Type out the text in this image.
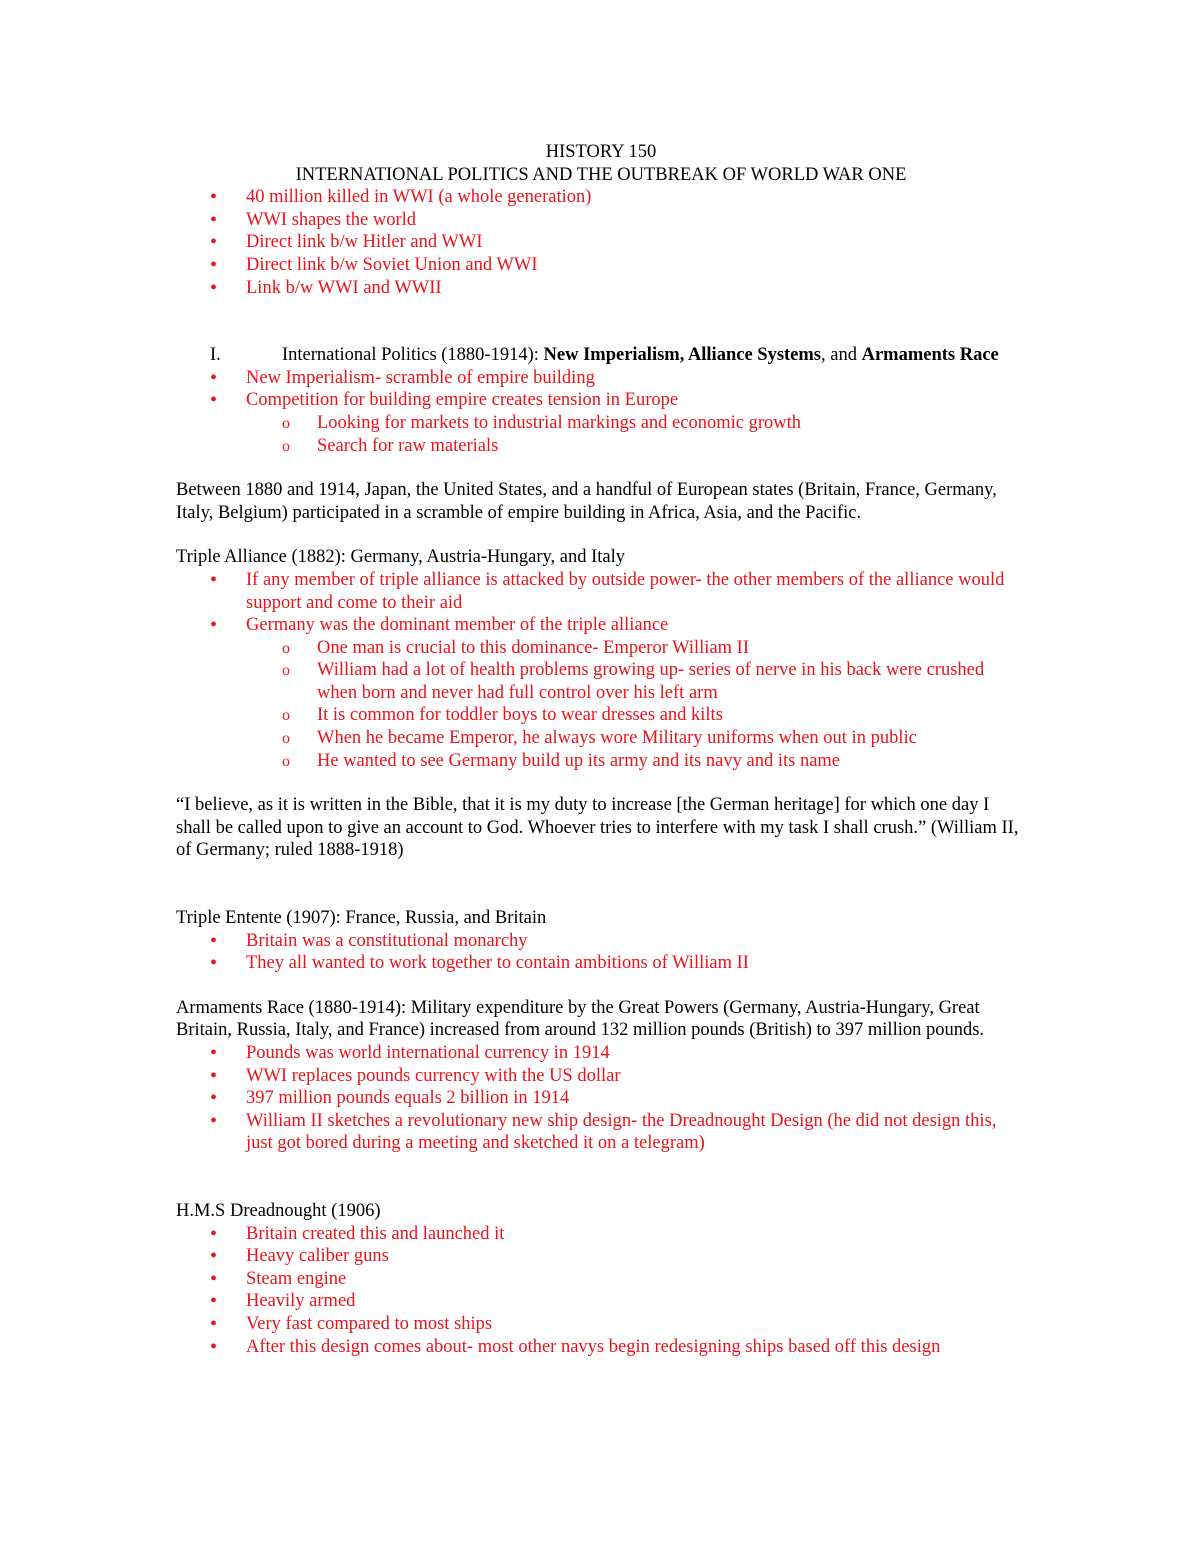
HISTORY 150

INTERNATIONAL POLITICS AND THE OUTBREAK OF WORLD WAR ONE

• 40 million killed in WWI (a whole generation)
• WWI shapes the world
• Direct link b/w Hitler and WWI
• Direct link b/w Soviet Union and WWI
• Link b/w WWI and WWII
I.	International Politics (1880-1914): New Imperialism, Alliance Systems, and Armaments Race
• New Imperialism- scramble of empire building
• Competition for building empire creates tension in Europe
o Looking for markets to industrial markings and economic growth
o Search for raw materials

Between 1880 and 1914, Japan, the United States, and a handful of European states (Britain, France, Germany, Italy, Belgium) participated in a scramble of empire building in Africa, Asia, and the Pacific.

Triple Alliance (1882): Germany, Austria-Hungary, and Italy

• If any member of triple alliance is attacked by outside power- the other members of the alliance would support and come to their aid
• Germany was the dominant member of the triple alliance
o One man is crucial to this dominance- Emperor William II
o William had a lot of health problems growing up- series of nerve in his back were crushed when born and never had full control over his left arm
o It is common for toddler boys to wear dresses and kilts
o When he became Emperor, he always wore Military uniforms when out in public
o He wanted to see Germany build up its army and its navy and its name

“I believe, as it is written in the Bible, that it is my duty to increase [the German heritage] for which one day I shall be called upon to give an account to God. Whoever tries to interfere with my task I shall crush.” (William II, of Germany; ruled 1888-1918)

Triple Entente (1907): France, Russia, and Britain

• Britain was a constitutional monarchy
• They all wanted to work together to contain ambitions of William II

Armaments Race (1880-1914): Military expenditure by the Great Powers (Germany, Austria-Hungary, Great Britain, Russia, Italy, and France) increased from around 132 million pounds (British) to 397 million pounds.

• Pounds was world international currency in 1914
• WWI replaces pounds currency with the US dollar
• 397 million pounds equals 2 billion in 1914
• William II sketches a revolutionary new ship design- the Dreadnought Design (he did not design this, just got bored during a meeting and sketched it on a telegram)

H.M.S Dreadnought (1906)

• Britain created this and launched it
• Heavy caliber guns
• Steam engine
• Heavily armed
• Very fast compared to most ships
• After this design comes about- most other navys begin redesigning ships based off this design
